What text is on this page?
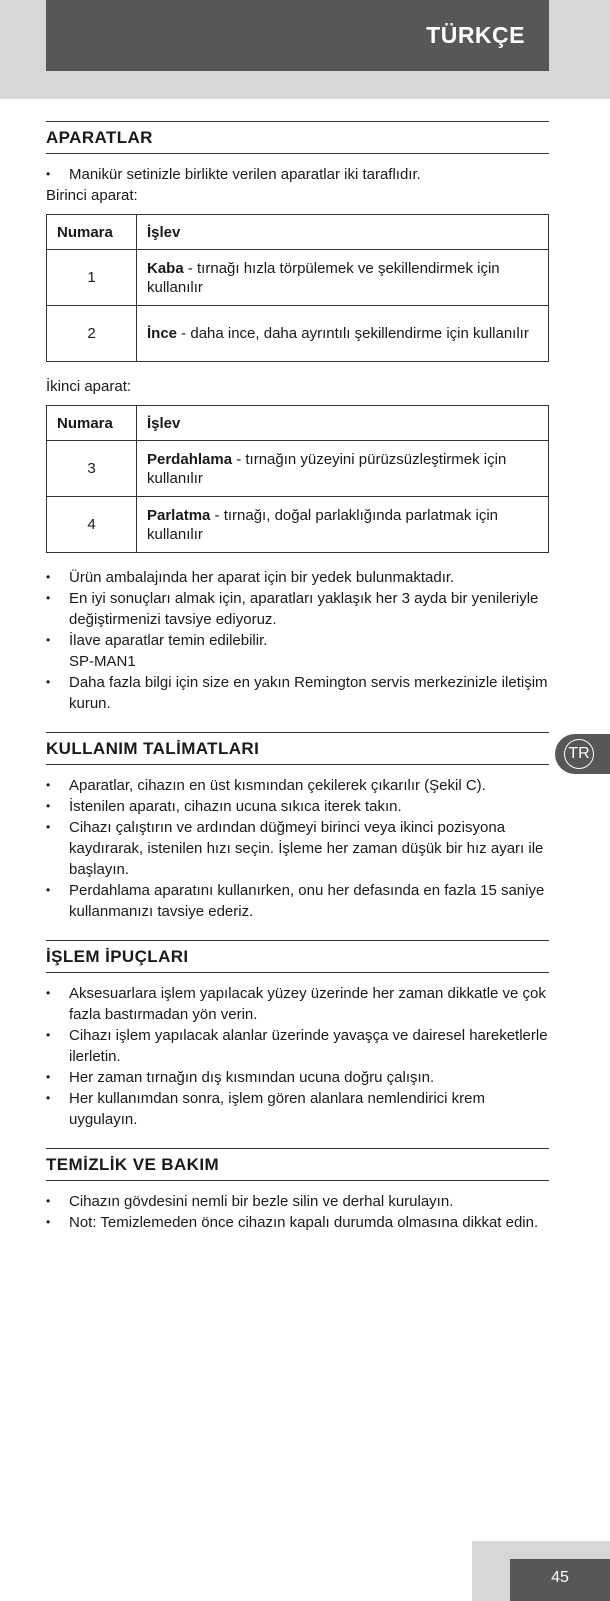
TÜRKÇE
APARATLAR
• Manikür setinizle birlikte verilen aparatlar iki taraflıdır.

Birinci aparat:

Numara	İşlev
1	Kaba - tırnağı hızla törpülemek ve şekillendirmek için kullanılır
2	İnce - daha ince, daha ayrıntılı şekillendirme için kullanılır

İkinci aparat:

Numara	İşlev
3	Perdahlama - tırnağın yüzeyini pürüzsüzleştirmek için kullanılır
4	Parlatma - tırnağı, doğal parlaklığında parlatmak için kullanılır
• Ürün ambalajında her aparat için bir yedek bulunmaktadır.
• En iyi sonuçları almak için, aparatları yaklaşık her 3 ayda bir yenileriyle değiştirmenizi tavsiye ediyoruz.
• İlave aparatlar temin edilebilir.
SP-MAN1
• Daha fazla bilgi için size en yakın Remington servis merkezinizle iletişim kurun.
KULLANIM TALİMATLARI
• Aparatlar, cihazın en üst kısmından çekilerek çıkarılır (Şekil C).
• İstenilen aparatı, cihazın ucuna sıkıca iterek takın.
• Cihazı çalıştırın ve ardından düğmeyi birinci veya ikinci pozisyona kaydırarak, istenilen hızı seçin. İşleme her zaman düşük bir hız ayarı ile başlayın.
• Perdahlama aparatını kullanırken, onu her defasında en fazla 15 saniye kullanmanızı tavsiye ederiz.
İŞLEM İPUÇLARI
• Aksesuarlara işlem yapılacak yüzey üzerinde her zaman dikkatle ve çok fazla bastırmadan yön verin.
• Cihazı işlem yapılacak alanlar üzerinde yavaşça ve dairesel hareketlerle ilerletin.
• Her zaman tırnağın dış kısmından ucuna doğru çalışın.
• Her kullanımdan sonra, işlem gören alanlara nemlendirici krem uygulayın.
TEMİZLİK VE BAKIM
• Cihazın gövdesini nemli bir bezle silin ve derhal kurulayın.
• Not: Temizlemeden önce cihazın kapalı durumda olmasına dikkat edin.
TR
45
